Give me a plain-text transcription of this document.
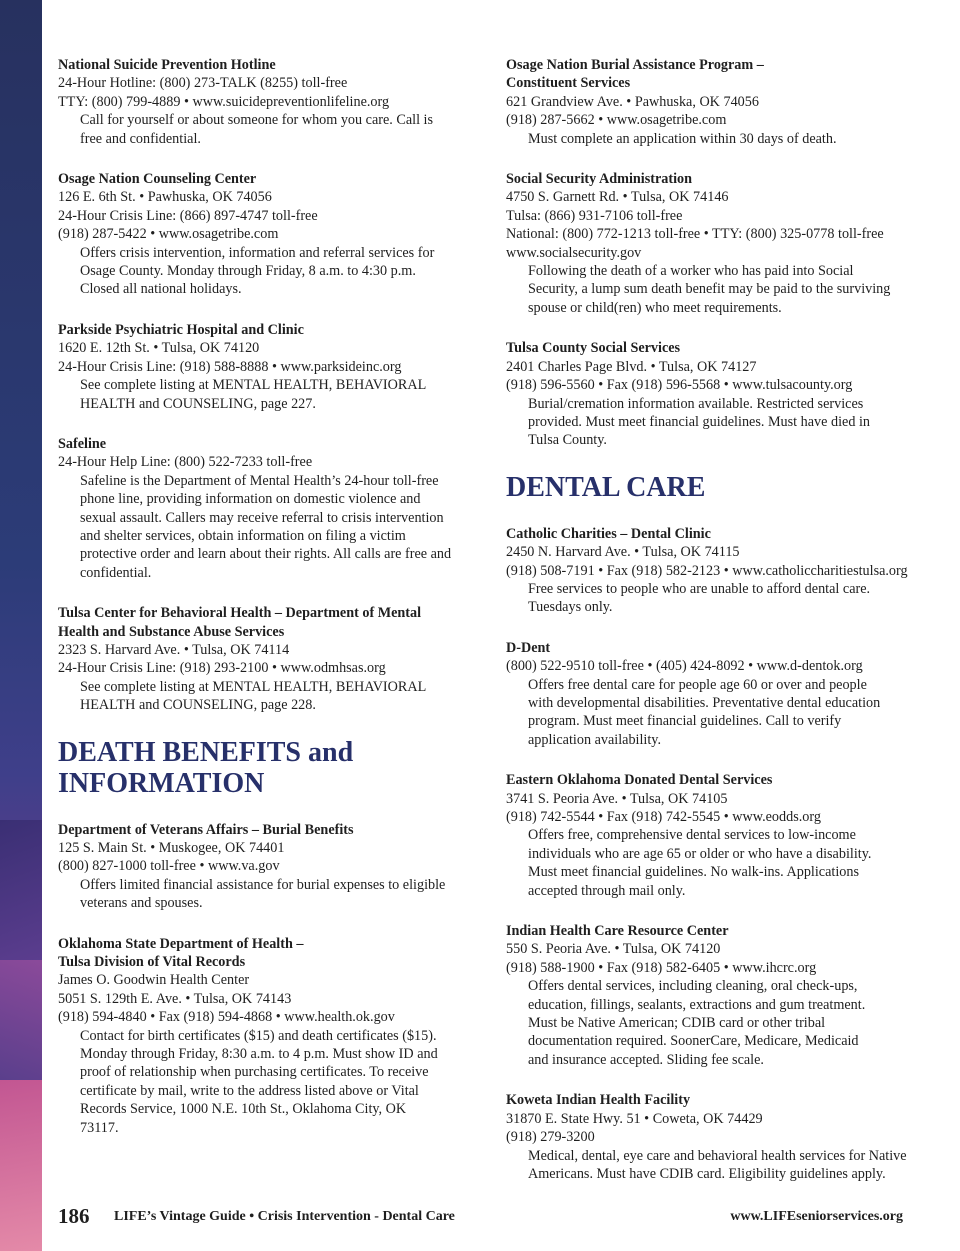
National Suicide Prevention Hotline
24-Hour Hotline: (800) 273-TALK (8255) toll-free
TTY: (800) 799-4889 • www.suicidepreventionlifeline.org
Call for yourself or about someone for whom you care. Call is
free and confidential.
Osage Nation Counseling Center
126 E. 6th St. • Pawhuska, OK 74056
24-Hour Crisis Line: (866) 897-4747 toll-free
(918) 287-5422 • www.osagetribe.com
Offers crisis intervention, information and referral services for
Osage County. Monday through Friday, 8 a.m. to 4:30 p.m.
Closed all national holidays.
Parkside Psychiatric Hospital and Clinic
1620 E. 12th St. • Tulsa, OK 74120
24-Hour Crisis Line: (918) 588-8888 • www.parksideinc.org
See complete listing at MENTAL HEALTH, BEHAVIORAL
HEALTH and COUNSELING, page 227.
Safeline
24-Hour Help Line: (800) 522-7233 toll-free
Safeline is the Department of Mental Health’s 24-hour toll-free
phone line, providing information on domestic violence and
sexual assault. Callers may receive referral to crisis intervention
and shelter services, obtain information on filing a victim
protective order and learn about their rights. All calls are free and
confidential.
Tulsa Center for Behavioral Health – Department of Mental
Health and Substance Abuse Services
2323 S. Harvard Ave. • Tulsa, OK 74114
24-Hour Crisis Line: (918) 293-2100 • www.odmhsas.org
See complete listing at MENTAL HEALTH, BEHAVIORAL
HEALTH and COUNSELING, page 228.
DEATH BENEFITS and
INFORMATION
Department of Veterans Affairs – Burial Benefits
125 S. Main St. • Muskogee, OK 74401
(800) 827-1000 toll-free • www.va.gov
Offers limited financial assistance for burial expenses to eligible
veterans and spouses.
Oklahoma State Department of Health –
Tulsa Division of Vital Records
James O. Goodwin Health Center
5051 S. 129th E. Ave. • Tulsa, OK 74143
(918) 594-4840 • Fax (918) 594-4868 • www.health.ok.gov
Contact for birth certificates ($15) and death certificates ($15).
Monday through Friday, 8:30 a.m. to 4 p.m. Must show ID and
proof of relationship when purchasing certificates. To receive
certificate by mail, write to the address listed above or Vital
Records Service, 1000 N.E. 10th St., Oklahoma City, OK
73117.
Osage Nation Burial Assistance Program –
Constituent Services
621 Grandview Ave. • Pawhuska, OK 74056
(918) 287-5662 • www.osagetribe.com
Must complete an application within 30 days of death.
Social Security Administration
4750 S. Garnett Rd. • Tulsa, OK 74146
Tulsa: (866) 931-7106 toll-free
National: (800) 772-1213 toll-free • TTY: (800) 325-0778 toll-free
www.socialsecurity.gov
Following the death of a worker who has paid into Social
Security, a lump sum death benefit may be paid to the surviving
spouse or child(ren) who meet requirements.
Tulsa County Social Services
2401 Charles Page Blvd. • Tulsa, OK 74127
(918) 596-5560 • Fax (918) 596-5568 • www.tulsacounty.org
Burial/cremation information available. Restricted services
provided. Must meet financial guidelines. Must have died in
Tulsa County.
DENTAL CARE
Catholic Charities – Dental Clinic
2450 N. Harvard Ave. • Tulsa, OK 74115
(918) 508-7191 • Fax (918) 582-2123 • www.catholiccharitiestulsa.org
Free services to people who are unable to afford dental care.
Tuesdays only.
D-Dent
(800) 522-9510 toll-free • (405) 424-8092 • www.d-dentok.org
Offers free dental care for people age 60 or over and people
with developmental disabilities. Preventative dental education
program. Must meet financial guidelines. Call to verify
application availability.
Eastern Oklahoma Donated Dental Services
3741 S. Peoria Ave. • Tulsa, OK 74105
(918) 742-5544 • Fax (918) 742-5545 • www.eodds.org
Offers free, comprehensive dental services to low-income
individuals who are age 65 or older or who have a disability.
Must meet financial guidelines. No walk-ins. Applications
accepted through mail only.
Indian Health Care Resource Center
550 S. Peoria Ave. • Tulsa, OK 74120
(918) 588-1900 • Fax (918) 582-6405 • www.ihcrc.org
Offers dental services, including cleaning, oral check-ups,
education, fillings, sealants, extractions and gum treatment.
Must be Native American; CDIB card or other tribal
documentation required. SoonerCare, Medicare, Medicaid
and insurance accepted. Sliding fee scale.
Koweta Indian Health Facility
31870 E. State Hwy. 51 • Coweta, OK 74429
(918) 279-3200
Medical, dental, eye care and behavioral health services for Native
Americans. Must have CDIB card. Eligibility guidelines apply.
186 LIFE’s Vintage Guide • Crisis Intervention - Dental Care	www.LIFEseniorservices.org
